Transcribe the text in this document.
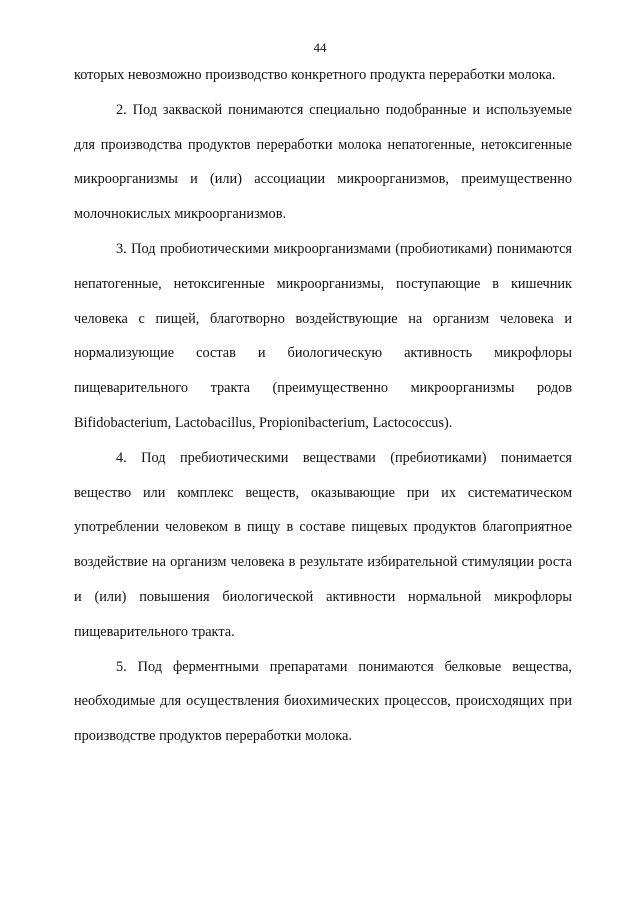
44

которых невозможно производство конкретного продукта переработки молока.

2. Под закваской понимаются специально подобранные и используемые для производства продуктов переработки молока непатогенные, нетоксигенные микроорганизмы и (или) ассоциации микроорганизмов, преимущественно молочнокислых микроорганизмов.

3. Под пробиотическими микроорганизмами (пробиотиками) понимаются непатогенные, нетоксигенные микроорганизмы, поступающие в кишечник человека с пищей, благотворно воздействующие на организм человека и нормализующие состав и биологическую активность микрофлоры пищеварительного тракта (преимущественно микроорганизмы родов Bifidobacterium, Lactobacillus, Propionibacterium, Lactococcus).

4. Под пребиотическими веществами (пребиотиками) понимается вещество или комплекс веществ, оказывающие при их систематическом употреблении человеком в пищу в составе пищевых продуктов благоприятное воздействие на организм человека в результате избирательной стимуляции роста и (или) повышения биологической активности нормальной микрофлоры пищеварительного тракта.

5. Под ферментными препаратами понимаются белковые вещества, необходимые для осуществления биохимических процессов, происходящих при производстве продуктов переработки молока.
